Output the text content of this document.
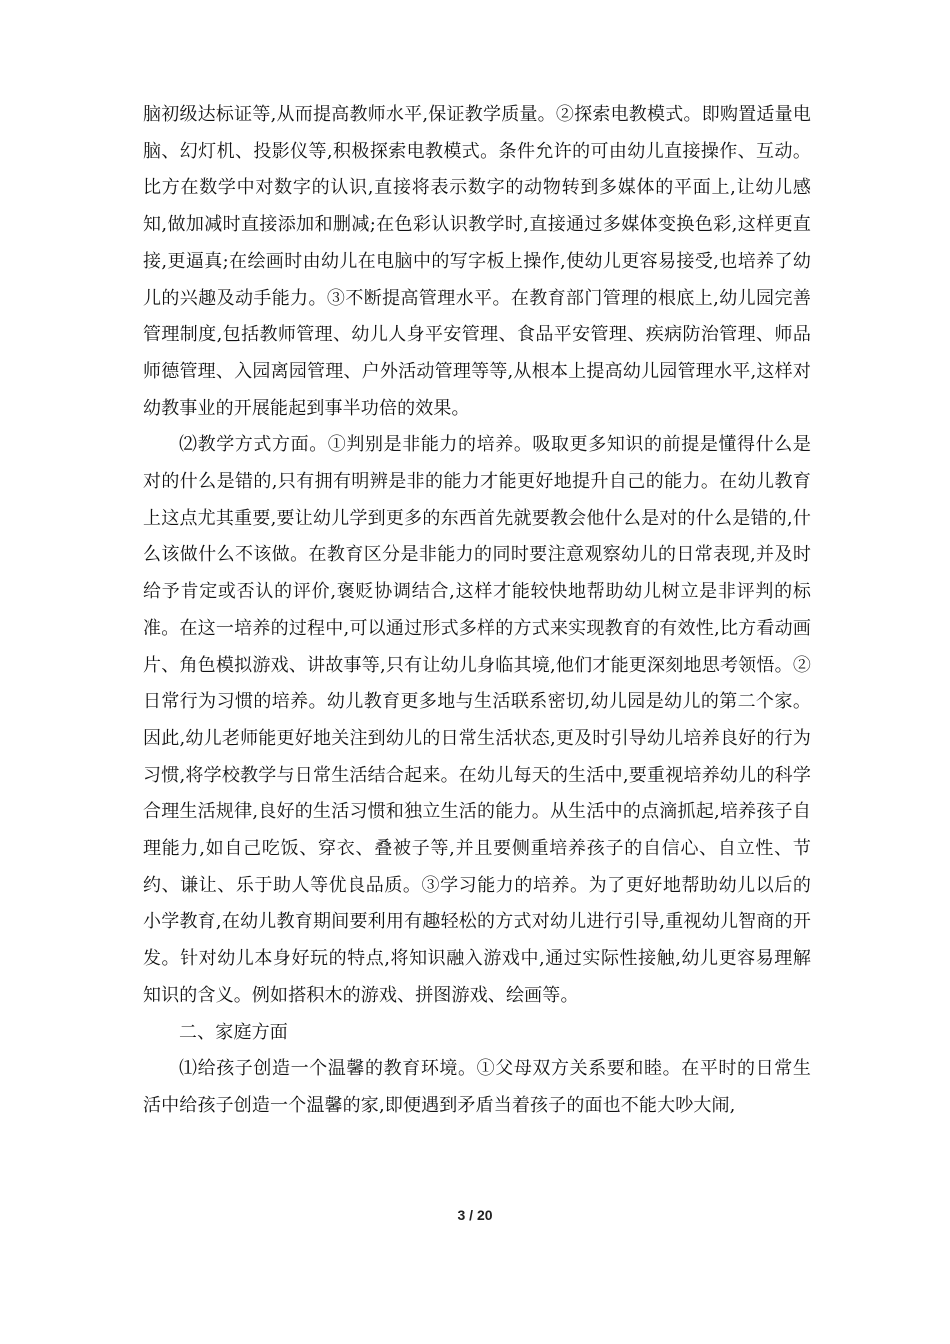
脑初级达标证等,从而提高教师水平,保证教学质量。②探索电教模式。即购置适量电脑、幻灯机、投影仪等,积极探索电教模式。条件允许的可由幼儿直接操作、互动。比方在数学中对数字的认识,直接将表示数字的动物转到多媒体的平面上,让幼儿感知,做加减时直接添加和删减;在色彩认识教学时,直接通过多媒体变换色彩,这样更直接,更逼真;在绘画时由幼儿在电脑中的写字板上操作,使幼儿更容易接受,也培养了幼儿的兴趣及动手能力。③不断提高管理水平。在教育部门管理的根底上,幼儿园完善管理制度,包括教师管理、幼儿人身平安管理、食品平安管理、疾病防治管理、师品师德管理、入园离园管理、户外活动管理等等,从根本上提高幼儿园管理水平,这样对幼教事业的开展能起到事半功倍的效果。

⑵教学方式方面。①判别是非能力的培养。吸取更多知识的前提是懂得什么是对的什么是错的,只有拥有明辨是非的能力才能更好地提升自己的能力。在幼儿教育上这点尤其重要,要让幼儿学到更多的东西首先就要教会他什么是对的什么是错的,什么该做什么不该做。在教育区分是非能力的同时要注意观察幼儿的日常表现,并及时给予肯定或否认的评价,褒贬协调结合,这样才能较快地帮助幼儿树立是非评判的标准。在这一培养的过程中,可以通过形式多样的方式来实现教育的有效性,比方看动画片、角色模拟游戏、讲故事等,只有让幼儿身临其境,他们才能更深刻地思考领悟。②日常行为习惯的培养。幼儿教育更多地与生活联系密切,幼儿园是幼儿的第二个家。因此,幼儿老师能更好地关注到幼儿的日常生活状态,更及时引导幼儿培养良好的行为习惯,将学校教学与日常生活结合起来。在幼儿每天的生活中,要重视培养幼儿的科学合理生活规律,良好的生活习惯和独立生活的能力。从生活中的点滴抓起,培养孩子自理能力,如自己吃饭、穿衣、叠被子等,并且要侧重培养孩子的自信心、自立性、节约、谦让、乐于助人等优良品质。③学习能力的培养。为了更好地帮助幼儿以后的小学教育,在幼儿教育期间要利用有趣轻松的方式对幼儿进行引导,重视幼儿智商的开发。针对幼儿本身好玩的特点,将知识融入游戏中,通过实际性接触,幼儿更容易理解知识的含义。例如搭积木的游戏、拼图游戏、绘画等。

二、家庭方面

⑴给孩子创造一个温馨的教育环境。①父母双方关系要和睦。在平时的日常生活中给孩子创造一个温馨的家,即便遇到矛盾当着孩子的面也不能大吵大闹,

3 / 20
